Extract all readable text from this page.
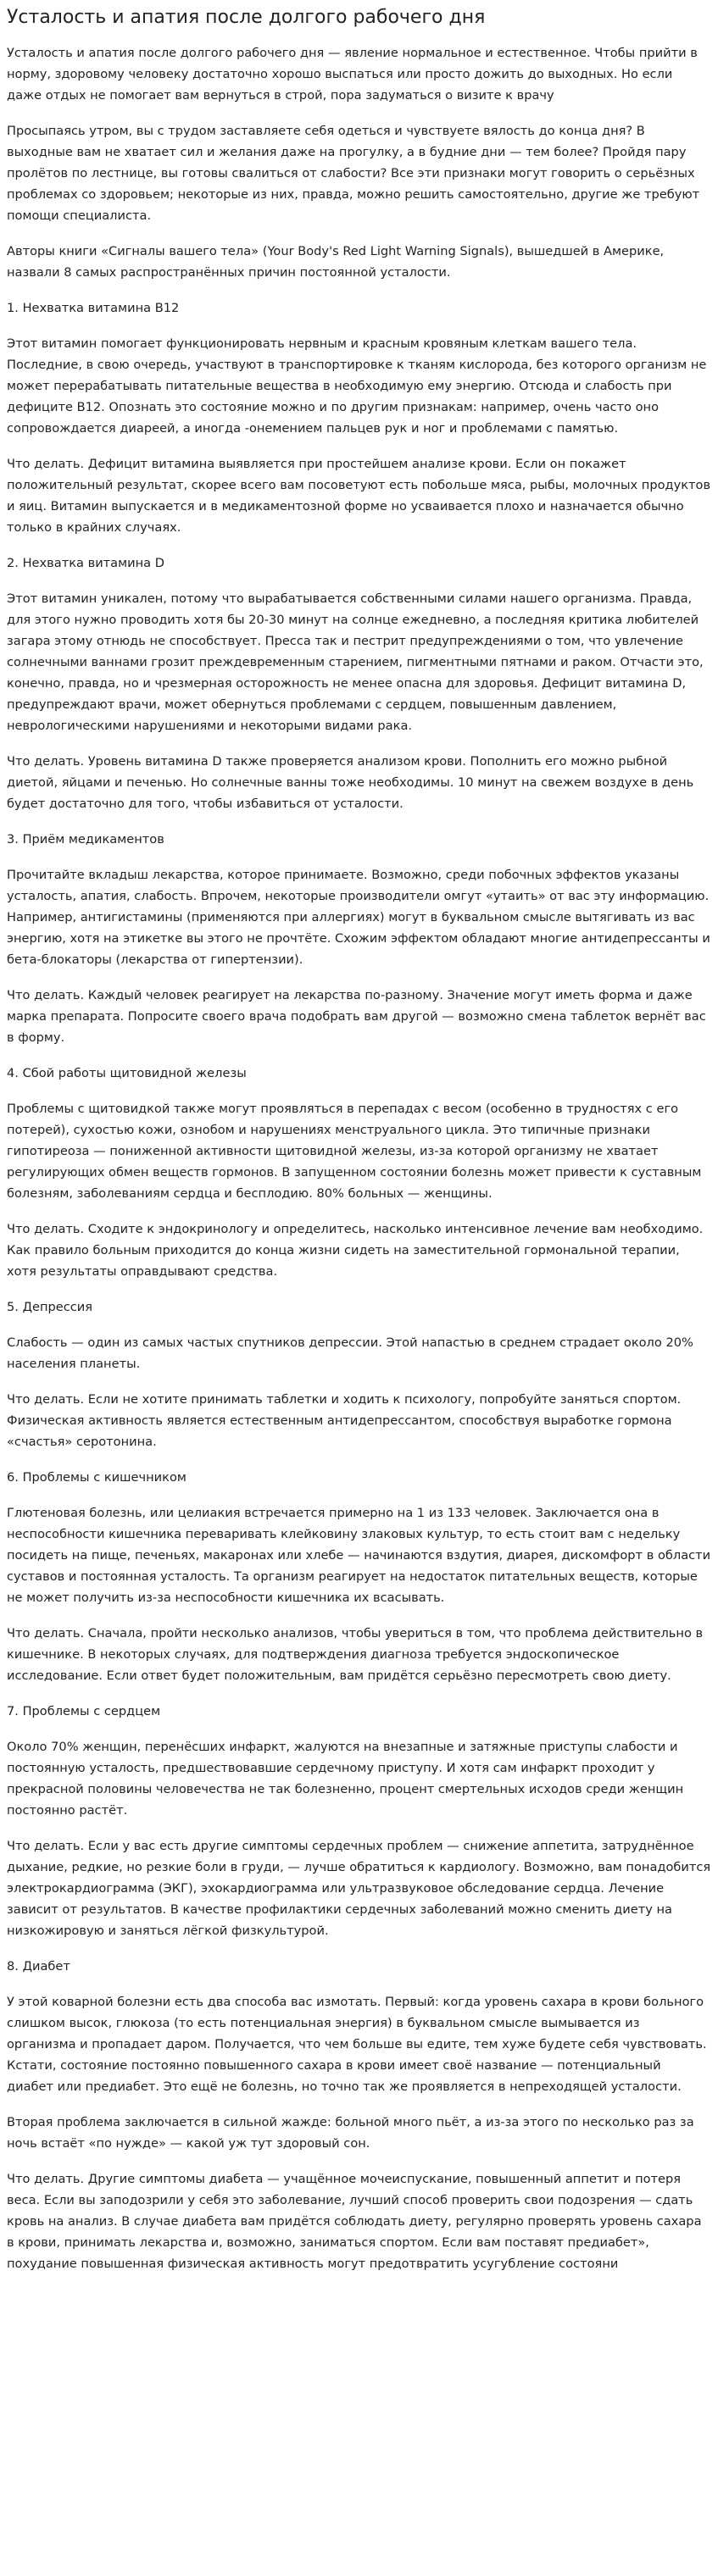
Усталость и апатия после долгого рабочего дня

Усталость и апатия после долгого рабочего дня — явление нормальное и естественное. Чтобы прийти в норму, здоровому человеку достаточно хорошо выспаться или просто дожить до выходных. Но если даже отдых не помогает вам вернуться в строй, пора задуматься о визите к врачу

Просыпаясь утром, вы с трудом заставляете себя одеться и чувствуете вялость до конца дня? В выходные вам не хватает сил и желания даже на прогулку, а в будние дни — тем более? Пройдя пару пролётов по лестнице, вы готовы свалиться от слабости? Все эти признаки могут говорить о серьёзных проблемах со здоровьем; некоторые из них, правда, можно решить самостоятельно, другие же требуют помощи специалиста.

Авторы книги «Сигналы вашего тела» (Your Body's Red Light Warning Signals), вышедшей в Америке, назвали 8 самых распространённых причин постоянной усталости.

1. Нехватка витамина B12

Этот витамин помогает функционировать нервным и красным кровяным клеткам вашего тела. Последние, в свою очередь, участвуют в транспортировке к тканям кислорода, без которого организм не может перерабатывать питательные вещества в необходимую ему энергию. Отсюда и слабость при дефиците B12. Опознать это состояние можно и по другим признакам: например, очень часто оно сопровождается диареей, а иногда -онемением пальцев рук и ног и проблемами с памятью.

Что делать. Дефицит витамина выявляется при простейшем анализе крови. Если он покажет положительный результат, скорее всего вам посоветуют есть побольше мяса, рыбы, молочных продуктов и яиц. Витамин выпускается и в медикаментозной форме но усваивается плохо и назначается обычно только в крайних случаях.

2. Нехватка витамина D

Этот витамин уникален, потому что вырабатывается собственными силами нашего организма. Правда, для этого нужно проводить хотя бы 20-30 минут на солнце ежедневно, а последняя критика любителей загара этому отнюдь не способствует. Пресса так и пестрит предупреждениями о том, что увлечение солнечными ваннами грозит преждевременным старением, пигментными пятнами и раком. Отчасти это, конечно, правда, но и чрезмерная осторожность не менее опасна для здоровья. Дефицит витамина D, предупреждают врачи, может обернуться проблемами с сердцем, повышенным давлением, неврологическими нарушениями и некоторыми видами рака.

Что делать. Уровень витамина D также проверяется анализом крови. Пополнить его можно рыбной диетой, яйцами и печенью. Но солнечные ванны тоже необходимы. 10 минут на свежем воздухе в день будет достаточно для того, чтобы избавиться от усталости.

3. Приём медикаментов

Прочитайте вкладыш лекарства, которое принимаете. Возможно, среди побочных эффектов указаны усталость, апатия, слабость. Впрочем, некоторые производители омгут «утаить» от вас эту информацию. Например, антигистамины (применяются при аллергиях) могут в буквальном смысле вытягивать из вас энергию, хотя на этикетке вы этого не прочтёте. Схожим эффектом обладают многие антидепрессанты и бета-блокаторы (лекарства от гипертензии).

Что делать. Каждый человек реагирует на лекарства по-разному. Значение могут иметь форма и даже марка препарата. Попросите своего врача подобрать вам другой — возможно смена таблеток вернёт вас в форму.

4. Сбой работы щитовидной железы

Проблемы с щитовидкой также могут проявляться в перепадах с весом (особенно в трудностях с его потерей), сухостью кожи, ознобом и нарушениях менструального цикла. Это типичные признаки гипотиреоза — пониженной активности щитовидной железы, из-за которой организму не хватает регулирующих обмен веществ гормонов. В запущенном состоянии болезнь может привести к суставным болезням, заболеваниям сердца и бесплодию. 80% больных — женщины.

Что делать. Сходите к эндокринологу и определитесь, насколько интенсивное лечение вам необходимо. Как правило больным приходится до конца жизни сидеть на заместительной гормональной терапии, хотя результаты оправдывают средства.

5. Депрессия

Слабость — один из самых частых спутников депрессии. Этой напастью в среднем страдает около 20% населения планеты.

Что делать. Если не хотите принимать таблетки и ходить к психологу, попробуйте заняться спортом. Физическая активность является естественным антидепрессантом, способствуя выработке гормона «счастья» серотонина.

6. Проблемы с кишечником

Глютеновая болезнь, или целиакия встречается примерно на 1 из 133 человек. Заключается она в неспособности кишечника переваривать клейковину злаковых культур, то есть стоит вам с недельку посидеть на пище, печеньях, макаронах или хлебе — начинаются вздутия, диарея, дискомфорт в области суставов и постоянная усталость. Та организм реагирует на недостаток питательных веществ, которые не может получить из-за неспособности кишечника их всасывать.

Что делать. Сначала, пройти несколько анализов, чтобы увериться в том, что проблема действительно в кишечнике. В некоторых случаях, для подтверждения диагноза требуется эндоскопическое исследование. Если ответ будет положительным, вам придётся серьёзно пересмотреть свою диету.

7. Проблемы с сердцем

Около 70% женщин, перенёсших инфаркт, жалуются на внезапные и затяжные приступы слабости и постоянную усталость, предшествовавшие сердечному приступу. И хотя сам инфаркт проходит у прекрасной половины человечества не так болезненно, процент смертельных исходов среди женщин постоянно растёт.

Что делать. Если у вас есть другие симптомы сердечных проблем — снижение аппетита, затруднённое дыхание, редкие, но резкие боли в груди, — лучше обратиться к кардиологу. Возможно, вам понадобится электрокардиограмма (ЭКГ), эхокардиограмма или ультразвуковое обследование сердца. Лечение зависит от результатов. В качестве профилактики сердечных заболеваний можно сменить диету на низкожировую и заняться лёгкой физкультурой.

8. Диабет

У этой коварной болезни есть два способа вас измотать. Первый: когда уровень сахара в крови больного слишком высок, глюкоза (то есть потенциальная энергия) в буквальном смысле вымывается из организма и пропадает даром. Получается, что чем больше вы едите, тем хуже будете себя чувствовать. Кстати, состояние постоянно повышенного сахара в крови имеет своё название — потенциальный диабет или предиабет. Это ещё не болезнь, но точно так же проявляется в непреходящей усталости.

Вторая проблема заключается в сильной жажде: больной много пьёт, а из-за этого по несколько раз за ночь встаёт «по нужде» — какой уж тут здоровый сон.

Что делать. Другие симптомы диабета — учащённое мочеиспускание, повышенный аппетит и потеря веса. Если вы заподозрили у себя это заболевание, лучший способ проверить свои подозрения — сдать кровь на анализ. В случае диабета вам придётся соблюдать диету, регулярно проверять уровень сахара в крови, принимать лекарства и, возможно, заниматься спортом. Если вам поставят предиабет», похудание повышенная физическая активность могут предотвратить усугубление состояни
